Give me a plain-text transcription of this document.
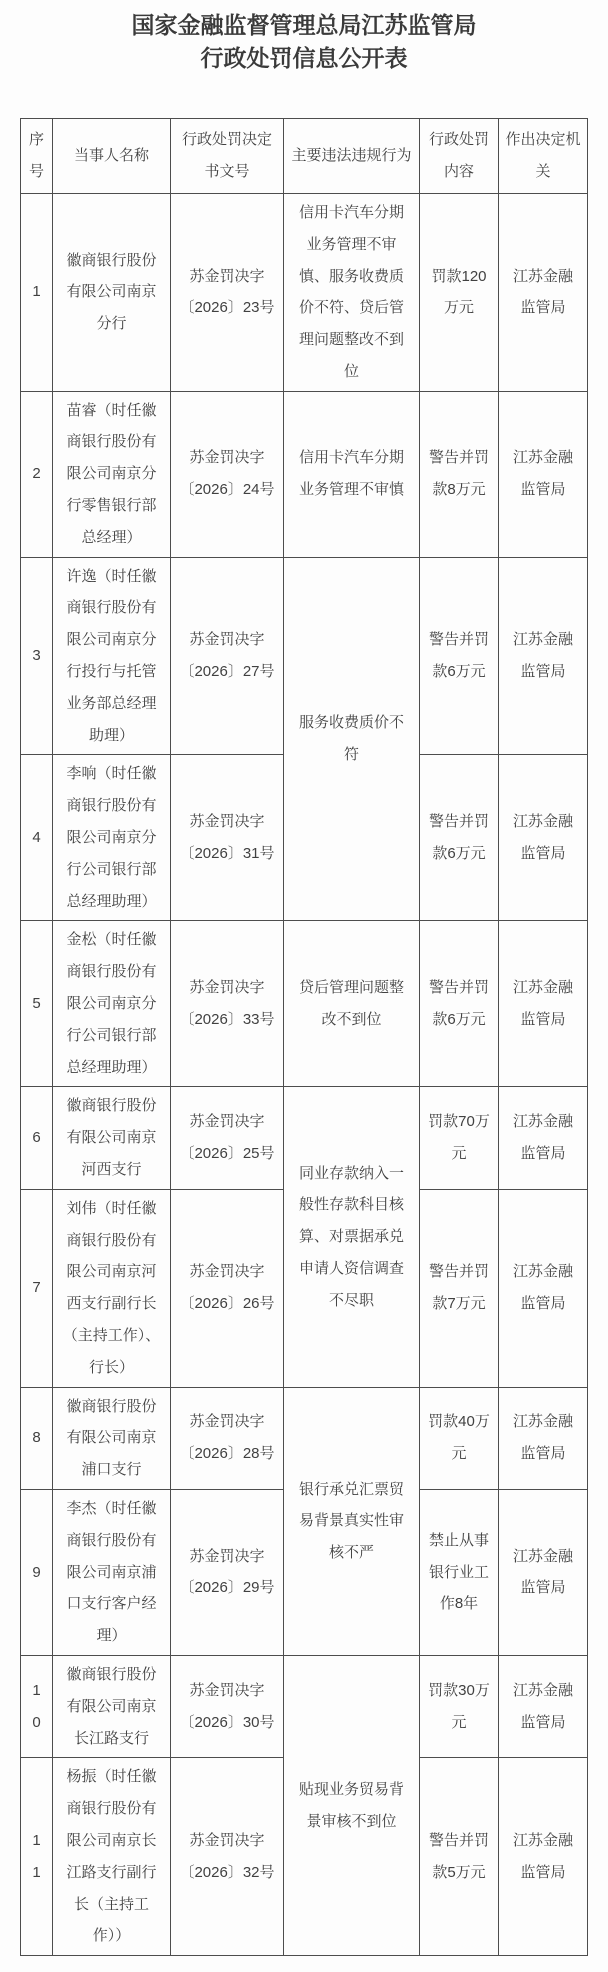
国家金融监督管理总局江苏监管局
行政处罚信息公开表
序号	当事人名称	行政处罚决定书文号	主要违法违规行为	行政处罚内容	作出决定机关
1	徽商银行股份有限公司南京分行	苏金罚决字〔2026〕23号	信用卡汽车分期业务管理不审慎、服务收费质价不符、贷后管理问题整改不到位	罚款120万元	江苏金融监管局
2	苗睿（时任徽商银行股份有限公司南京分行零售银行部总经理）	苏金罚决字〔2026〕24号	信用卡汽车分期业务管理不审慎	警告并罚款8万元	江苏金融监管局
3	许逸（时任徽商银行股份有限公司南京分行投行与托管业务部总经理助理）	苏金罚决字〔2026〕27号	服务收费质价不符	警告并罚款6万元	江苏金融监管局
4	李响（时任徽商银行股份有限公司南京分行公司银行部总经理助理）	苏金罚决字〔2026〕31号		警告并罚款6万元	江苏金融监管局
5	金松（时任徽商银行股份有限公司南京分行公司银行部总经理助理）	苏金罚决字〔2026〕33号	贷后管理问题整改不到位	警告并罚款6万元	江苏金融监管局
6	徽商银行股份有限公司南京河西支行	苏金罚决字〔2026〕25号	同业存款纳入一般性存款科目核算、对票据承兑申请人资信调查不尽职	罚款70万元	江苏金融监管局
7	刘伟（时任徽商银行股份有限公司南京河西支行副行长（主持工作）、行长）	苏金罚决字〔2026〕26号		警告并罚款7万元	江苏金融监管局
8	徽商银行股份有限公司南京浦口支行	苏金罚决字〔2026〕28号	银行承兑汇票贸易背景真实性审核不严	罚款40万元	江苏金融监管局
9	李杰（时任徽商银行股份有限公司南京浦口支行客户经理）	苏金罚决字〔2026〕29号		禁止从事银行业工作8年	江苏金融监管局
10	徽商银行股份有限公司南京长江路支行	苏金罚决字〔2026〕30号	贴现业务贸易背景审核不到位	罚款30万元	江苏金融监管局
11	杨振（时任徽商银行股份有限公司南京长江路支行副行长（主持工作））	苏金罚决字〔2026〕32号		警告并罚款5万元	江苏金融监管局
